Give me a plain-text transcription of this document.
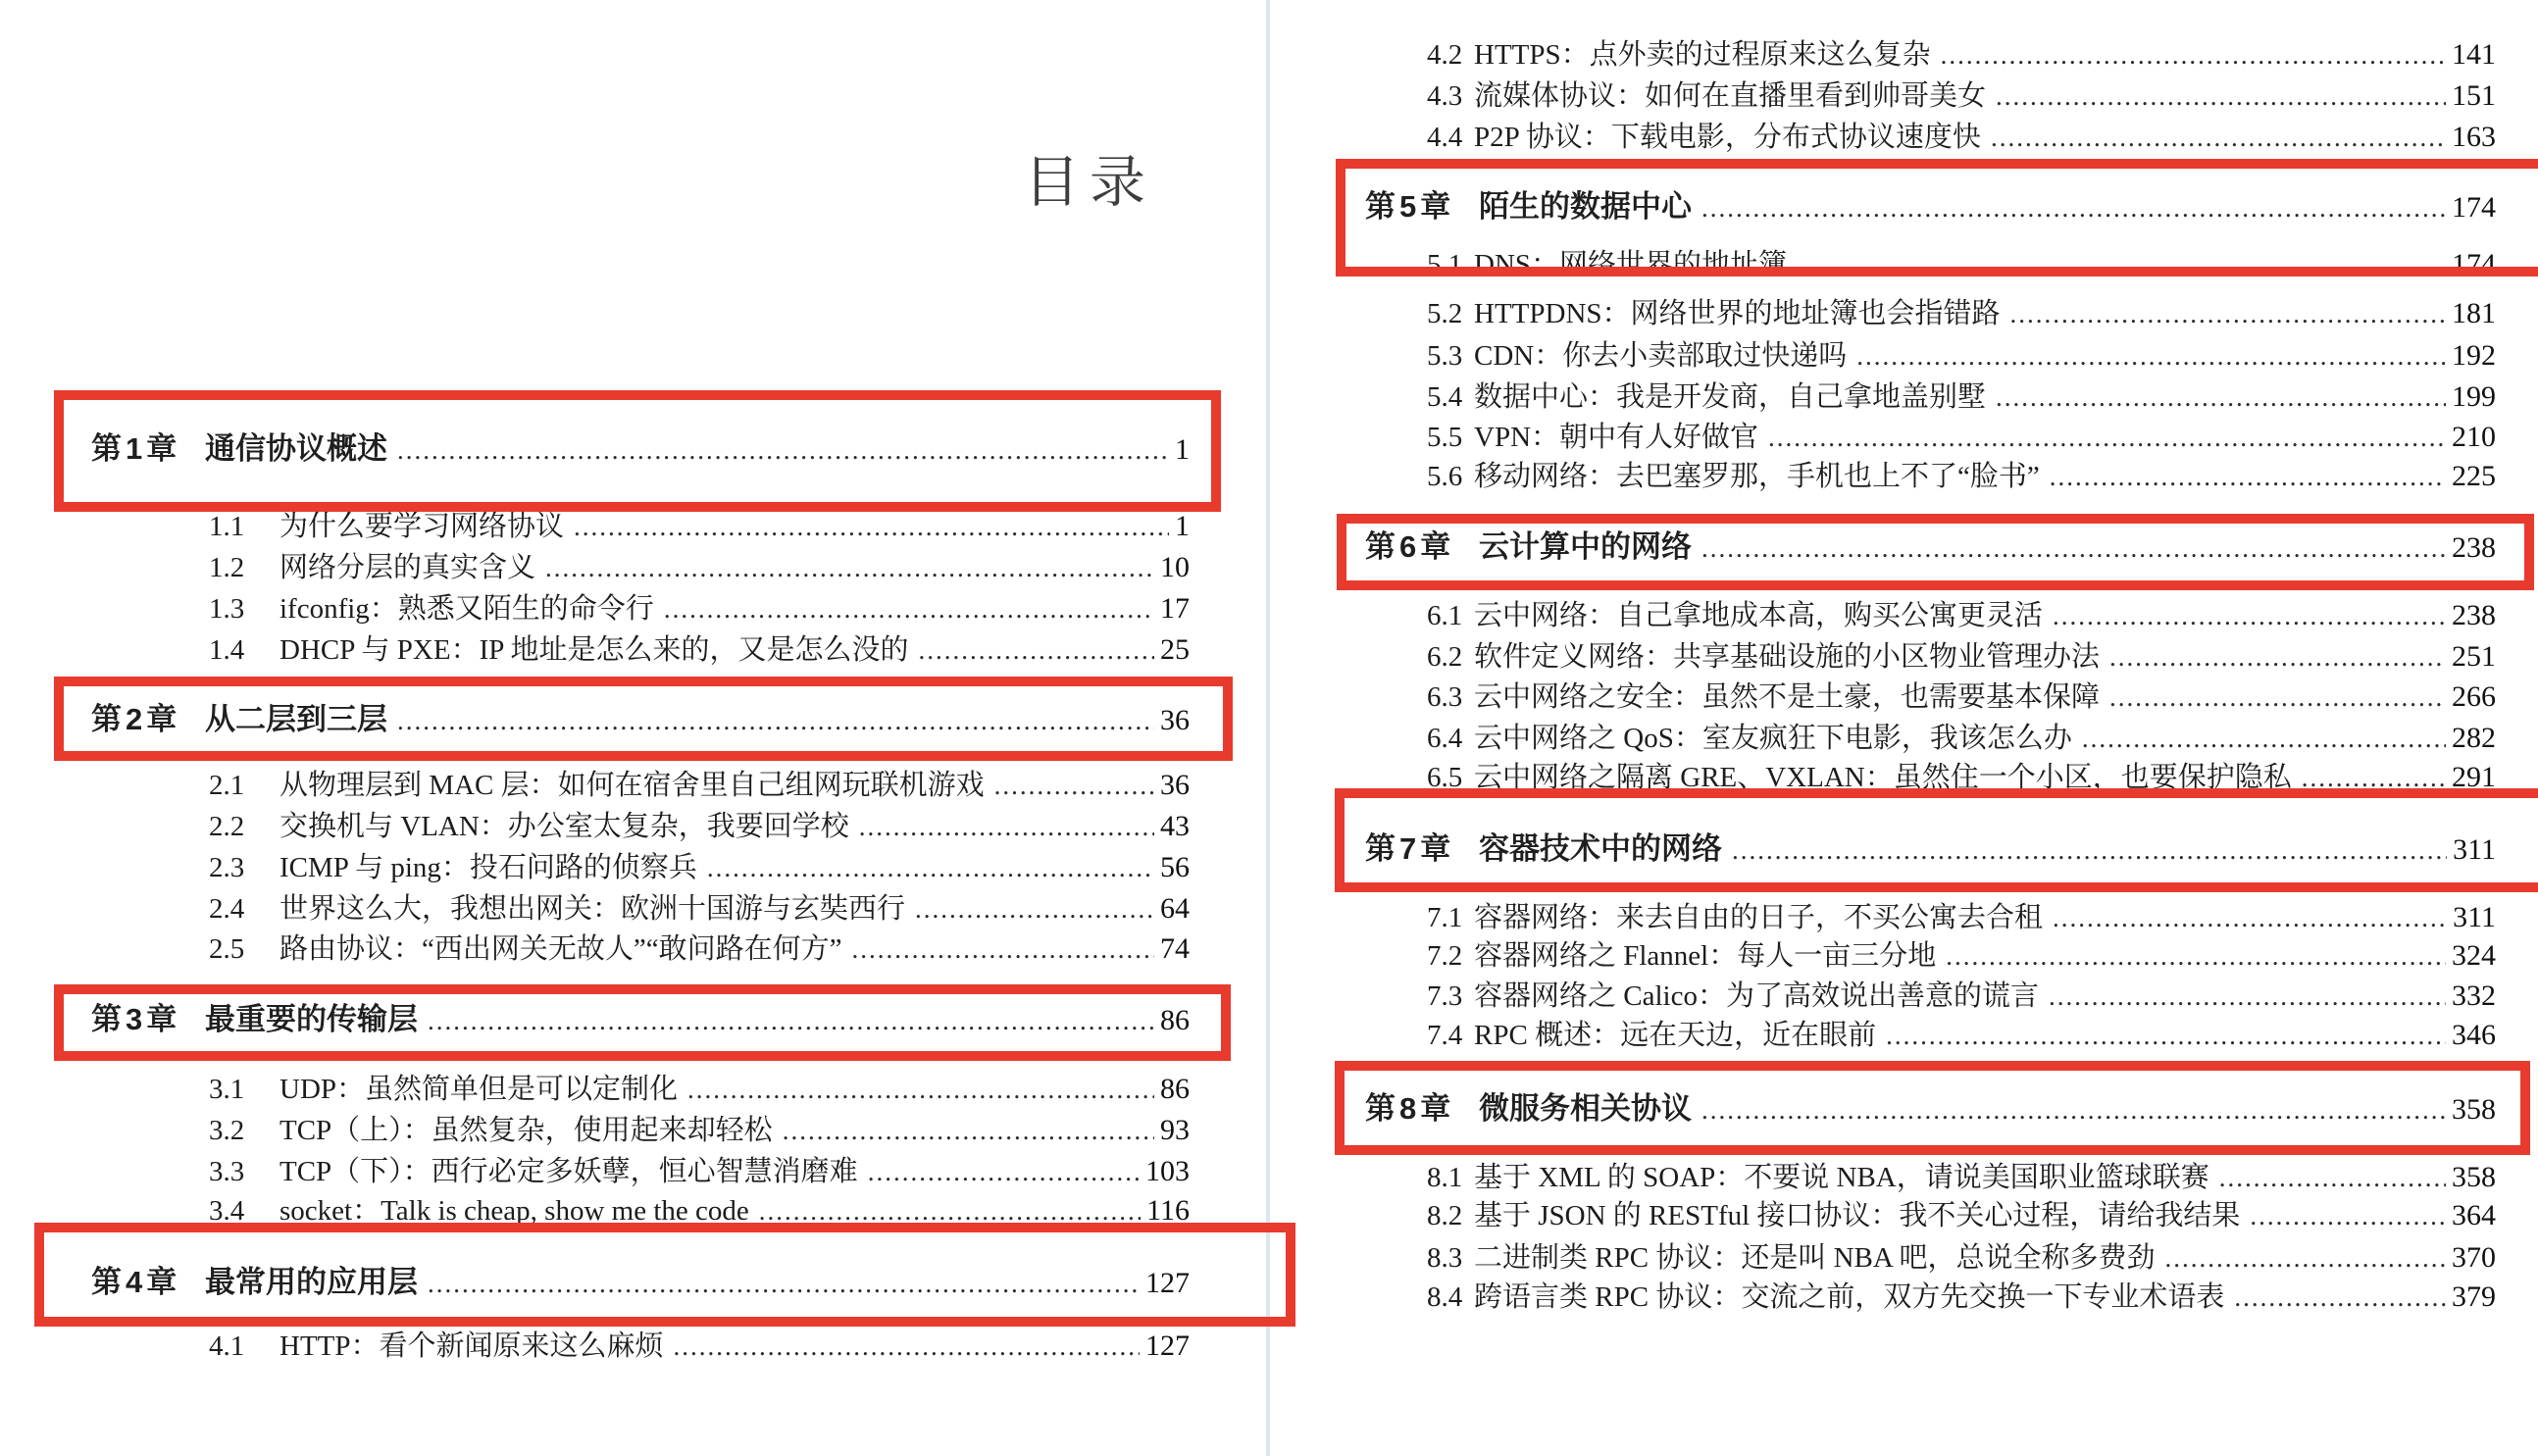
目录
第1章 通信协议概述 .....	1
1.1	为什么要学习网络协议 .....	1
1.2	网络分层的真实含义 .....	10
1.3	ifconfig：熟悉又陌生的命令行 .....	17
1.4	DHCP 与 PXE：IP 地址是怎么来的，又是怎么没的 .....	25
第2章 从二层到三层 .....	36
2.1	从物理层到 MAC 层：如何在宿舍里自己组网玩联机游戏 .....	36
2.2	交换机与 VLAN：办公室太复杂，我要回学校 .....	43
2.3	ICMP 与 ping：投石问路的侦察兵 .....	56
2.4	世界这么大，我想出网关：欧洲十国游与玄奘西行 .....	64
2.5	路由协议：“西出网关无故人”“敢问路在何方” .....	74
第3章 最重要的传输层 .....	86
3.1	UDP：虽然简单但是可以定制化 .....	86
3.2	TCP（上）：虽然复杂，使用起来却轻松 .....	93
3.3	TCP（下）：西行必定多妖孽，恒心智慧消磨难 .....	103
3.4	socket：Talk is cheap, show me the code .....	116
第4章 最常用的应用层 .....	127
4.1	HTTP：看个新闻原来这么麻烦 .....	127
4.2 HTTPS：点外卖的过程原来这么复杂 .....	141
4.3 流媒体协议：如何在直播里看到帅哥美女 .....	151
4.4 P2P 协议：下载电影，分布式协议速度快 .....	163
第5章 陌生的数据中心 .....	174
5.1 DNS：网络世界的地址簿 .....	174
5.2 HTTPDNS：网络世界的地址簿也会指错路 .....	181
5.3 CDN：你去小卖部取过快递吗 .....	192
5.4 数据中心：我是开发商，自己拿地盖别墅 .....	199
5.5 VPN：朝中有人好做官 .....	210
5.6 移动网络：去巴塞罗那，手机也上不了“脸书” .....	225
第6章 云计算中的网络 .....	238
6.1 云中网络：自己拿地成本高，购买公寓更灵活 .....	238
6.2 软件定义网络：共享基础设施的小区物业管理办法 .....	251
6.3 云中网络之安全：虽然不是土豪，也需要基本保障 .....	266
6.4 云中网络之 QoS：室友疯狂下电影，我该怎么办 .....	282
6.5 云中网络之隔离 GRE、VXLAN：虽然住一个小区，也要保护隐私 .....	291
第7章 容器技术中的网络 .....	311
7.1 容器网络：来去自由的日子，不买公寓去合租 .....	311
7.2 容器网络之 Flannel：每人一亩三分地 .....	324
7.3 容器网络之 Calico：为了高效说出善意的谎言 .....	332
7.4 RPC 概述：远在天边，近在眼前 .....	346
第8章 微服务相关协议 .....	358
8.1 基于 XML 的 SOAP：不要说 NBA，请说美国职业篮球联赛 .....	358
8.2 基于 JSON 的 RESTful 接口协议：我不关心过程，请给我结果 .....	364
8.3 二进制类 RPC 协议：还是叫 NBA 吧，总说全称多费劲 .....	370
8.4 跨语言类 RPC 协议：交流之前，双方先交换一下专业术语表 .....	379
